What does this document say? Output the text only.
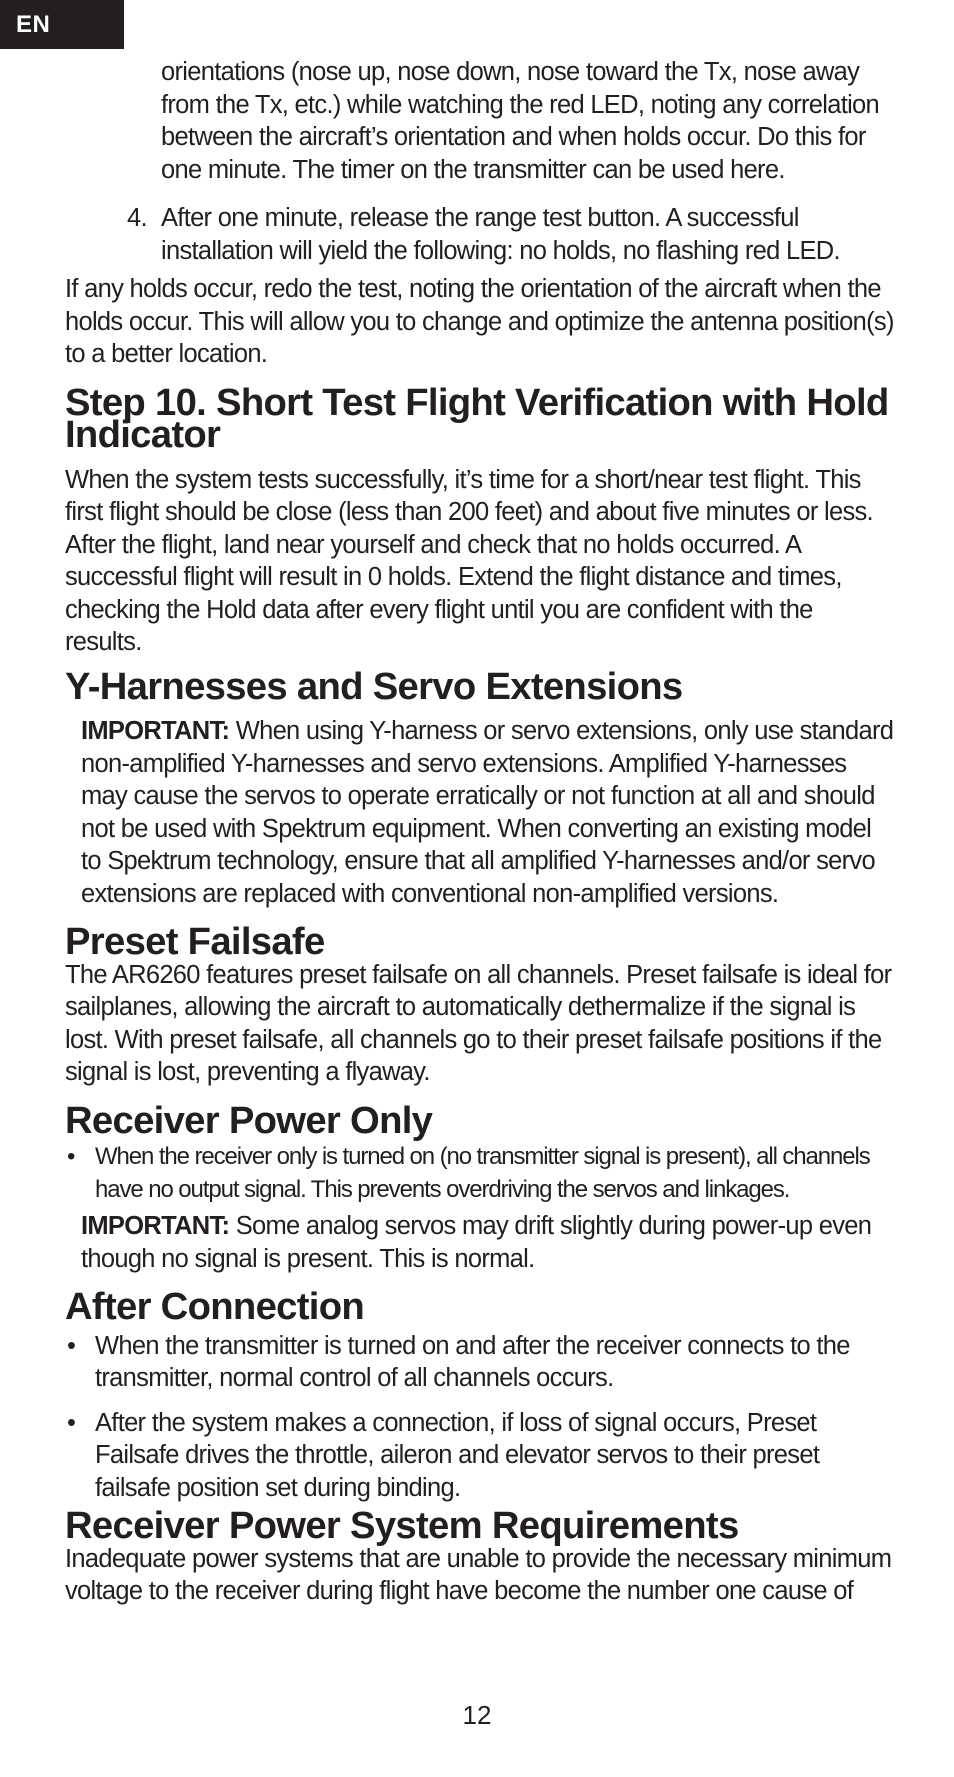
EN

orientations (nose up, nose down, nose toward the Tx, nose away from the Tx, etc.) while watching the red LED, noting any correlation between the aircraft’s orientation and when holds occur. Do this for one minute. The timer on the transmitter can be used here.

4. After one minute, release the range test button. A successful installation will yield the following: no holds, no flashing red LED.

If any holds occur, redo the test, noting the orientation of the aircraft when the holds occur. This will allow you to change and optimize the antenna position(s) to a better location.

Step 10. Short Test Flight Verification with Hold Indicator

When the system tests successfully, it’s time for a short/near test flight. This first flight should be close (less than 200 feet) and about five minutes or less. After the flight, land near yourself and check that no holds occurred. A successful flight will result in 0 holds. Extend the flight distance and times, checking the Hold data after every flight until you are confident with the results.

Y-Harnesses and Servo Extensions

IMPORTANT: When using Y-harness or servo extensions, only use standard non-amplified Y-harnesses and servo extensions. Amplified Y-harnesses may cause the servos to operate erratically or not function at all and should not be used with Spektrum equipment. When converting an existing model to Spektrum technology, ensure that all amplified Y-harnesses and/or servo extensions are replaced with conventional non-amplified versions.

Preset Failsafe

The AR6260 features preset failsafe on all channels. Preset failsafe is ideal for sailplanes, allowing the aircraft to automatically dethermalize if the signal is lost. With preset failsafe, all channels go to their preset failsafe positions if the signal is lost, preventing a flyaway.

Receiver Power Only
• When the receiver only is turned on (no transmitter signal is present), all channels have no output signal. This prevents overdriving the servos and linkages.

IMPORTANT: Some analog servos may drift slightly during power-up even though no signal is present. This is normal.

After Connection
• When the transmitter is turned on and after the receiver connects to the transmitter, normal control of all channels occurs.
• After the system makes a connection, if loss of signal occurs, Preset Failsafe drives the throttle, aileron and elevator servos to their preset failsafe position set during binding.
Receiver Power System Requirements

Inadequate power systems that are unable to provide the necessary minimum voltage to the receiver during flight have become the number one cause of

12
